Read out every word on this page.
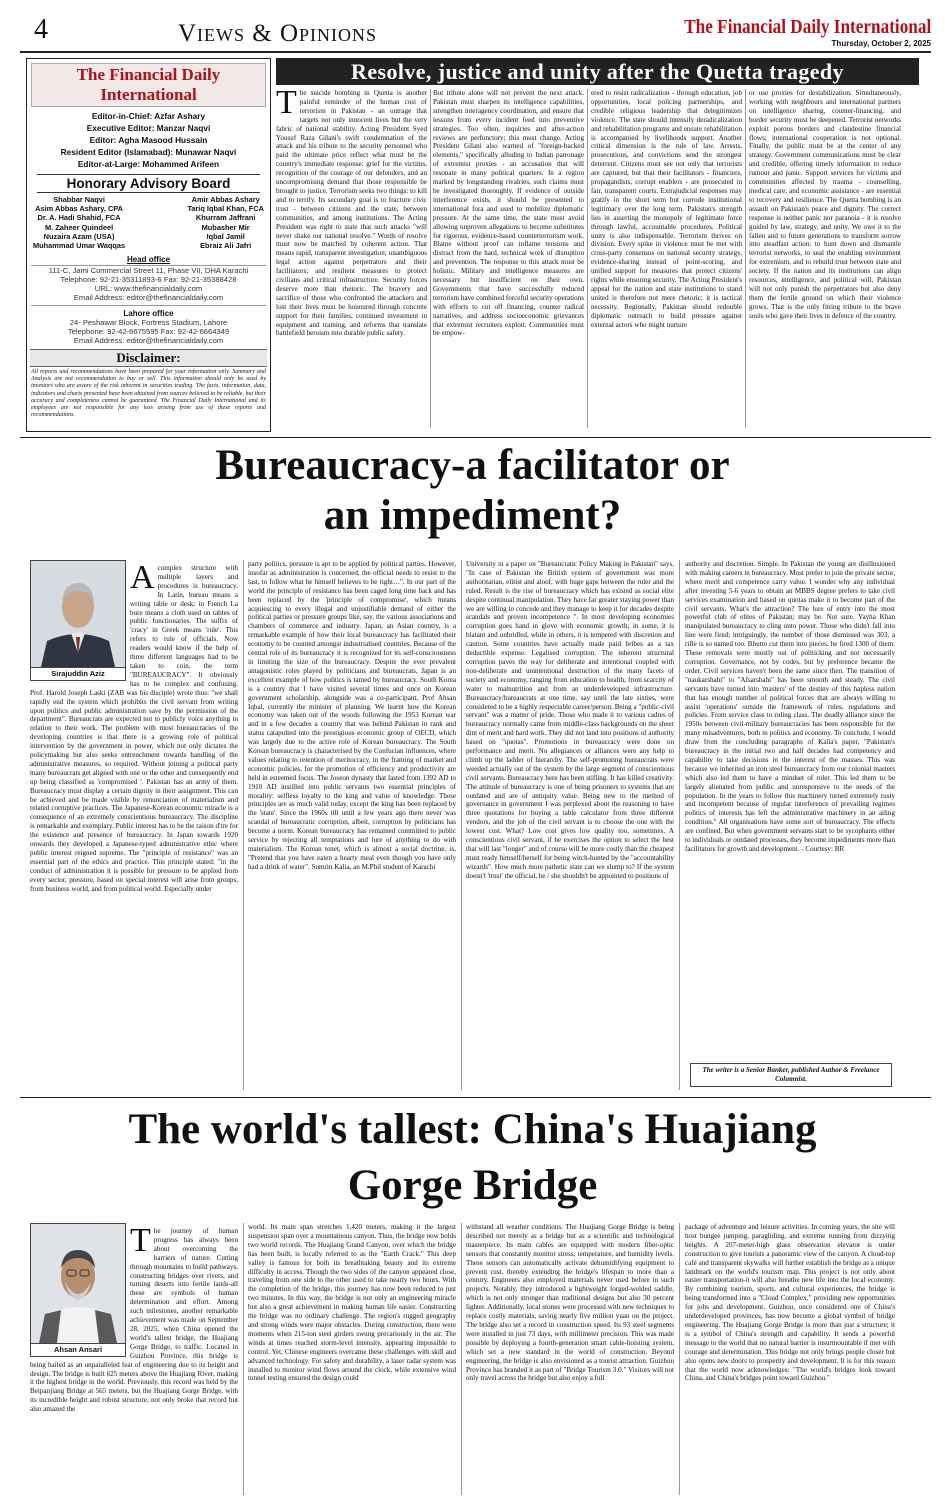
4	Views & Opinions	The Financial Daily International
Thursday, October 2, 2025
The Financial Daily International
Editor-in-Chief: Azfar Ashary
Executive Editor: Manzar Naqvi
Editor: Agha Masood Hussain
Resident Editor (Islamabad): Munawar Naqvi
Editor-at-Large: Mohammed Arifeen
Honorary Advisory Board
Shabbar Naqvi
Asim Abbas Ashary, CPA
Dr. A. Hadi Shahid, FCA
M. Zaheer Quindeel
Nuzaira Azam (USA)
Muhammad Umar Waqqas
Amir Abbas Ashary
Tariq Iqbal Khan, FCA
Khurram Jaffrani
Mubasher Mir
Iqbal Jamil
Ebraiz Ali Jafri
Head office
111-C, Jami Commercial Street 11, Phase VII, DHA Karachi
Telephone: 92-21-35311893-6 Fax: 92-21-35388428
URL: www.thefinancialdaily.com
Email Address: editor@thefinancialdaily.com
Lahore office
24- Peshawar Block, Fortress Stadium, Lahore
Telephone: 92-42-6675595 Fax: 92-42-6664349
Email Address: editor@thefinancialdaily.com
Disclaimer:
All reports and recommendations have been prepared for your information only. Summary and Analysis are not recommendation to buy or sell. This information should only be used by investors who are aware of the risk inherent in securities trading. The facts, information, data, indicators and charts presented have been obtained from sources believed to be reliable, but their accuracy and completeness cannot be guaranteed. The Financial Daily International and its employees are not responsible for any loss arising from use of these reports and recommendations.
Resolve, justice and unity after the Quetta tragedy
The suicide bombing in Quetta is another painful reminder of the human cost of terrorism in Pakistan - an outrage that targets not only innocent lives but the very fabric of national stability. Acting President Syed Yousuf Raza Gilani's swift condemnation of the attack and his tribute to the security personnel who paid the ultimate price reflect what must be the country's immediate response: grief for the victims, recognition of the courage of our defenders, and an uncompromising demand that those responsible be brought to justice. Terrorism seeks two things: to kill and to terrify. Its secondary goal is to fracture civic trust - between citizens and the state, between communities, and among institutions. The Acting President was right to state that such attacks "will never shake our national resolve." Words of resolve must now be matched by coherent action. That means rapid, transparent investigation; unambiguous legal action against perpetrators and their facilitators; and resilient measures to protect civilians and critical infrastructure. Security forces deserve more than rhetoric. The bravery and sacrifice of those who confronted the attackers and lost their lives must be honoured through concrete support for their families, continued investment in equipment and training, and reforms that translate battlefield heroism into durable public safety.
But tribute alone will not prevent the next attack. Pakistan must sharpen its intelligence capabilities, strengthen interagency coordination, and ensure that lessons from every incident feed into preventive strategies. Too often, inquiries and after-action reviews are perfunctory; this must change. Acting President Gilani also warned of "foreign-backed elements," specifically alluding to Indian patronage of extremist proxies - an accusation that will resonate in many political quarters. In a region marked by longstanding rivalries, such claims must be investigated thoroughly. If evidence of outside interference exists, it should be presented to international fora and used to mobilize diplomatic pressure. At the same time, the state must avoid allowing unproven allegations to become substitutes for rigorous, evidence-based counterterrorism work. Blame without proof can inflame tensions and distract from the hard, technical work of disruption and prevention. The response to this attack must be holistic. Military and intelligence measures are necessary but insufficient on their own. Governments that have successfully reduced terrorism have combined forceful security operations with efforts to cut off financing, counter radical narratives, and address socioeconomic grievances that extremist recruiters exploit. Communities must be empow-
ered to resist radicalization - through education, job opportunities, local policing partnerships, and credible religious leadership that delegitimizes violence. The state should intensify deradicalization and rehabilitation programs and ensure rehabilitation is accompanied by livelihoods support. Another critical dimension is the rule of law. Arrests, prosecutions, and convictions send the strongest deterrent. Citizens must see not only that terrorists are captured, but that their facilitators - financiers, propagandists, corrupt enablers - are prosecuted in fair, transparent courts. Extrajudicial responses may gratify in the short term but corrode institutional legitimacy over the long term. Pakistan's strength lies in asserting the monopoly of legitimate force through lawful, accountable procedures. Political unity is also indispensable. Terrorism thrives on division. Every spike in violence must be met with cross-party consensus on national security strategy, evidence-sharing instead of point-scoring, and unified support for measures that protect citizens' rights while ensuring security. The Acting President's appeal for the nation and state institutions to stand united is therefore not mere rhetoric; it is tactical necessity. Regionally, Pakistan should redouble diplomatic outreach to build pressure against external actors who might nurture
or use proxies for destabilization. Simultaneously, working with neighbours and international partners on intelligence sharing, counter-financing, and border security must be deepened. Terrorist networks exploit porous borders and clandestine financial flows; international cooperation is not optional. Finally, the public must be at the center of any strategy. Government communications must be clear and credible, offering timely information to reduce rumour and panic. Support services for victims and communities affected by trauma - counselling, medical care, and economic assistance - are essential to recovery and resilience. The Quetta bombing is an assault on Pakistan's peace and dignity. The correct response is neither panic nor paranoia - it is resolve guided by law, strategy, and unity. We owe it to the fallen and to future generations to transform sorrow into steadfast action: to hunt down and dismantle terrorist networks, to seal the enabling environment for extremism, and to rebuild trust between state and society. If the nation and its institutions can align resources, intelligence, and political will, Pakistan will not only punish the perpetrators but also deny them the fertile ground on which their violence grows. That is the only fitting tribute to the brave souls who gave their lives in defence of the country.
Bureaucracy-a facilitator or
an impediment?
Sirajuddin Aziz
Acomplex structure with multiple layers and procedures is bureaucracy. In Latin, bureau means a writing table or desk; in French La bure means a cloth used on tables of public functionaries. The suffix of 'cracy' in Greek means 'rule'. This refers to rule of officials. Now readers would know if the help of three different languages had to be taken to coin, the term "BUREAUCRACY". It obviously has to be complex and confusing. Prof. Harold Joseph Laski (ZAB was his disciple) wrote thus: "we shall rapidly end the system which prohibits the civil servant from writing upon politics and public administration save by the permission of the department". Bureaucrats are expected not to publicly voice anything in relation to their work. The problem with most bureaucracies of the developing countries is that there is a growing role of political intervention by the government in power, which not only dictates the policymaking but also seeks entrenchment towards handling of the administrative measures, so required. Without joining a political party many bureaucrats get aligned with one or the other and consequently end up being classified as 'compromised '. Pakistan has an army of them. Bureaucracy must display a certain dignity in their assignment. This can be achieved and be made visible by renunciation of materialism and related corruptive practices. The Japanese-Korean economic miracle is a consequence of an extremely conscientious bureaucracy. The discipline is remarkable and exemplary. Public interest has to be the raison d'tre for the existence and presence of bureaucracy. In Japan towards 1920 onwards they developed a Japanese-typed administrative ethic where public interest reigned supreme. The "principle of resistance" was an essential part of the ethics and practice. This principle stated: "in the conduct of administration it is possible for pressure to be applied from every sector, pressure, based on special interest will arise from groups, from business world, and from political world. Especially under
party politics, pressure is apt to be applied by political parties. However, insofar as administration is concerned, the official needs to resist to the last, to follow what he himself believes to be right…". In our part of the world the principle of resistance has been caged long time back and has been replaced by the 'principle of compromise', which means acquiescing to every illegal and unjustifiable demand of either the political parties or pressure groups like, say, the various associations and chambers of commerce and industry. Japan, an Asian country, is a remarkable example of how their local bureaucracy has facilitated their economy to be counted amongst industrialised countries. Because of the central role of its bureaucracy it is recognized for its self-consciousness in limiting the size of the bureaucracy. Despite the ever prevalent antagonistic roles played by politicians and bureaucrats, Japan is an excellent example of how politics is tamed by bureaucracy. South Korea is a country that I have visited several times and once on Korean government scholarship, alongside was a co-participant, Prof Ahsan Iqbal, currently the minister of planning. We learnt how the Korean economy was taken out of the woods following the 1953 Korean war and in a few decades a country that was behind Pakistan in rank and status catapulted into the prestigious economic group of OECD, which was largely due to the active role of Korean bureaucracy. The South Korean bureaucracy is characterised by the Confucian influences, where values relating to retention of meritocracy, in the framing of market and economic policies, for the promotion of efficiency and productivity are held in esteemed focus. The Joseon dynasty that lasted from 1392 AD to 1910 AD instilled into public servants two essential principles of morality: selfless loyalty to the king and value of knowledge. These principles are as much valid today, except the king has been replaced by the 'state'. Since the 1960s till until a few years ago there never was scandal of bureaucratic corruption, albeit, corruption by politicians has become a norm. Korean bureaucracy has remained committed to public service by rejecting all temptations and lure of anything to do with materialism. The Korean tenet, which is almost a social doctrine, is, "Pretend that you have eaten a hearty meal even though you have only had a drink of water". Sumrin Kalia, an M.Phil student of Karachi
University in a paper on "Bureaucratic Policy Making in Pakistan" says, "In case of Pakistan the British system of government was more authoritarian, elitist and aloof, with huge gaps between the ruler and the ruled. Result is the rise of bureaucracy which has existed as social elite despite continual manipulation. They have far greater staying power than we are willing to concede and they manage to keep it for decades despite scandals and proven incompetence ". In most developing economies corruption goes hand in glove with economic growth; in some, it is blatant and unbridled, while in others, it is tempered with discretion and caution. Some countries have actually made paid bribes as a tax deductible expense. Legalised corruption. The inherent structural corruption paves the way for deliberate and intentional coupled with non-deliberate and unintentional destruction of the many facets of society and economy, ranging from education to health, from scarcity of water to malnutrition and from an underdeveloped infrastructure. Bureaucracy/bureaucrats at one time, say until the late sixties, were considered to be a highly respectable career/person. Being a "public-civil servant" was a matter of pride. Those who made it to various cadres of bureaucracy normally came from middle-class backgrounds on the sheer dint of merit and hard work. They did not land into positions of authority based on "quotas". Promotions in bureaucracy were done on performance and merit. No allegiances or alliances were any help to climb up the ladder of hierarchy. The self-promoting bureaucrats were weeded actually out of the system by the large segment of conscientious civil servants. Bureaucracy here has been stifling. It has killed creativity. The attitude of bureaucracy is one of being prisoners to systems that are outdated and are of antiquity value. Being new to the method of governance in government I was perplexed about the reasoning to have three quotations for buying a table calculator from three different vendors, and the job of the civil servant is to choose the one with the lowest cost. What? Low cost gives low quality too, sometimes. A conscientious civil servant, if he exercises the option to select the best that will last "longer" and of course will be more costly than the cheapest must ready himself/herself for being witch-hunted by the "accountability wizards". How much more pathetic state can we slump to? If the system doesn't 'trust' the official, he / she shouldn't be appointed to positions of
authority and discretion. Simple. In Pakistan the young are disillusioned with making careers in bureaucracy. Most prefer to join the private sector, where merit and competence carry value. I wonder why any individual after investing 5-6 years to obtain an MBBS degree prefers to take civil services examination and based on quotas make it to become part of the civil servants. What's the attraction? The lure of entry into the most powerful club of elites of Pakistan; may be. Not sure. Yayha Khan manipulated bureaucracy to cling onto power. Those who didn't fall into line were fired; intriguingly, the number of those dismissed was 303, a rifle is so named too. Bhutto cut them into pieces, he fired 1300 of them. These removals were mostly out of politicking and not necessarily corruption. Governance, not by codes, but by preference became the order. Civil services haven't been the same since then. The transition of "naukarshahi" to "Afsarshahi" has been smooth and steady. The civil servants have turned into 'masters' of the destiny of this hapless nation that has enough number of political forces that are always willing to assist 'operations' outside the framework of rules, regulations and policies. From service class to ruling class. The deadly alliance since the 1950s between civil-military bureaucracies has been responsible for the many misadventures, both in politics and economy. To conclude, I would draw from the concluding paragraphs of Kalia's paper, "Pakistan's bureaucracy in the initial two and half decades had competency and capability to take decisions in the interest of the masses. This was because we inherited an iron steel bureaucracy from our colonial masters which also led them to have a mindset of ruler. This led them to be largely alienated from public and unresponsive to the needs of the population. In the years to follow this machinery turned extremely rusty and incompetent because of regular interference of prevailing regimes politics of interests has left the administrative machinery in an ailing condition." All organisations have some sort of bureaucracy. The effects are confined. But when government servants start to be sycophants either to individuals or outdated processes, they become impediments more than facilitators for growth and development. - Courtesy: BR
The writer is a Senior Banker, published Author & Freelance Columnist.
The world's tallest: China's Huajiang
Gorge Bridge
Ahsan Ansari
The journey of human progress has always been about overcoming the barriers of nature. Cutting through mountains to build pathways, constructing bridges over rivers, and turning deserts into fertile lands-all these are symbols of human determination and effort. Among such milestones, another remarkable achievement was made on September 28, 2025, when China opened the world's tallest bridge, the Huajiang Gorge Bridge, to traffic. Located in Guizhou Province, this bridge is being hailed as an unparalleled feat of engineering due to its height and design. The bridge is built 625 meters above the Huajiang River, making it the highest bridge in the world. Previously, this record was held by the Beipanjiang Bridge at 565 meters, but the Huajiang Gorge Bridge, with its incredible height and robust structure, not only broke that record but also amazed the
world. Its main span stretches 1,420 meters, making it the largest suspension span over a mountainous canyon. Thus, the bridge now holds two world records. The Huajiang Grand Canyon, over which the bridge has been built, is locally referred to as the "Earth Crack." This deep valley is famous for both its breathtaking beauty and its extreme difficulty in access. Though the two sides of the canyon appeared close, traveling from one side to the other used to take nearly two hours. With the completion of the bridge, this journey has now been reduced to just two minutes. In this way, the bridge is not only an engineering miracle but also a great achievement in making human life easier. Constructing the bridge was no ordinary challenge. The region's rugged geography and strong winds were major obstacles. During construction, there were moments when 215-ton steel girders swung precariously in the air. The winds at times reached storm-level intensity, appearing impossible to control. Yet, Chinese engineers overcame these challenges with skill and advanced technology. For safety and durability, a laser radar system was installed to monitor wind flows around the clock, while extensive wind tunnel testing ensured the design could
withstand all weather conditions. The Huajiang Gorge Bridge is being described not merely as a bridge but as a scientific and technological masterpiece. Its main cables are equipped with modern fiber-optic sensors that constantly monitor stress, temperature, and humidity levels. These sensors can automatically activate dehumidifying equipment to prevent rust, thereby extending the bridge's lifespan to more than a century. Engineers also employed materials never used before in such projects. Notably, they introduced a lightweight forged-welded saddle, which is not only stronger than traditional designs but also 30 percent lighter. Additionally, local stones were processed with new techniques to replace costly materials, saving nearly five million yuan on the project. The bridge also set a record in construction speed. Its 93 steel segments were installed in just 73 days, with millimeter precision. This was made possible by deploying a fourth-generation smart cable-hoisting system, which set a new standard in the world of construction. Beyond engineering, the bridge is also envisioned as a tourist attraction. Guizhou Province has branded it as part of "Bridge Tourism 3.0." Visitors will not only travel across the bridge but also enjoy a full
package of adventure and leisure activities. In coming years, the site will host bungee jumping, paragliding, and extreme running from dizzying heights. A 207-meter-high glass observation elevator is under construction to give tourists a panoramic view of the canyon. A cloud-top café and transparent skywalks will further establish the bridge as a unique landmark on the world's tourism map. This project is not only about easier transportation-it will also breathe new life into the local economy. By combining tourism, sports, and cultural experiences, the bridge is being transformed into a "Cloud Complex," providing new opportunities for jobs and development. Guizhou, once considered one of China's underdeveloped provinces, has now become a global symbol of bridge engineering. The Huajiang Gorge Bridge is more than just a structure; it is a symbol of China's strength and capability. It sends a powerful message to the world that no natural barrier is insurmountable if met with courage and determination. This bridge not only brings people closer but also opens new doors to prosperity and development. It is for this reason that the world now acknowledges: "The world's bridges look toward China, and China's bridges point toward Guizhou."
